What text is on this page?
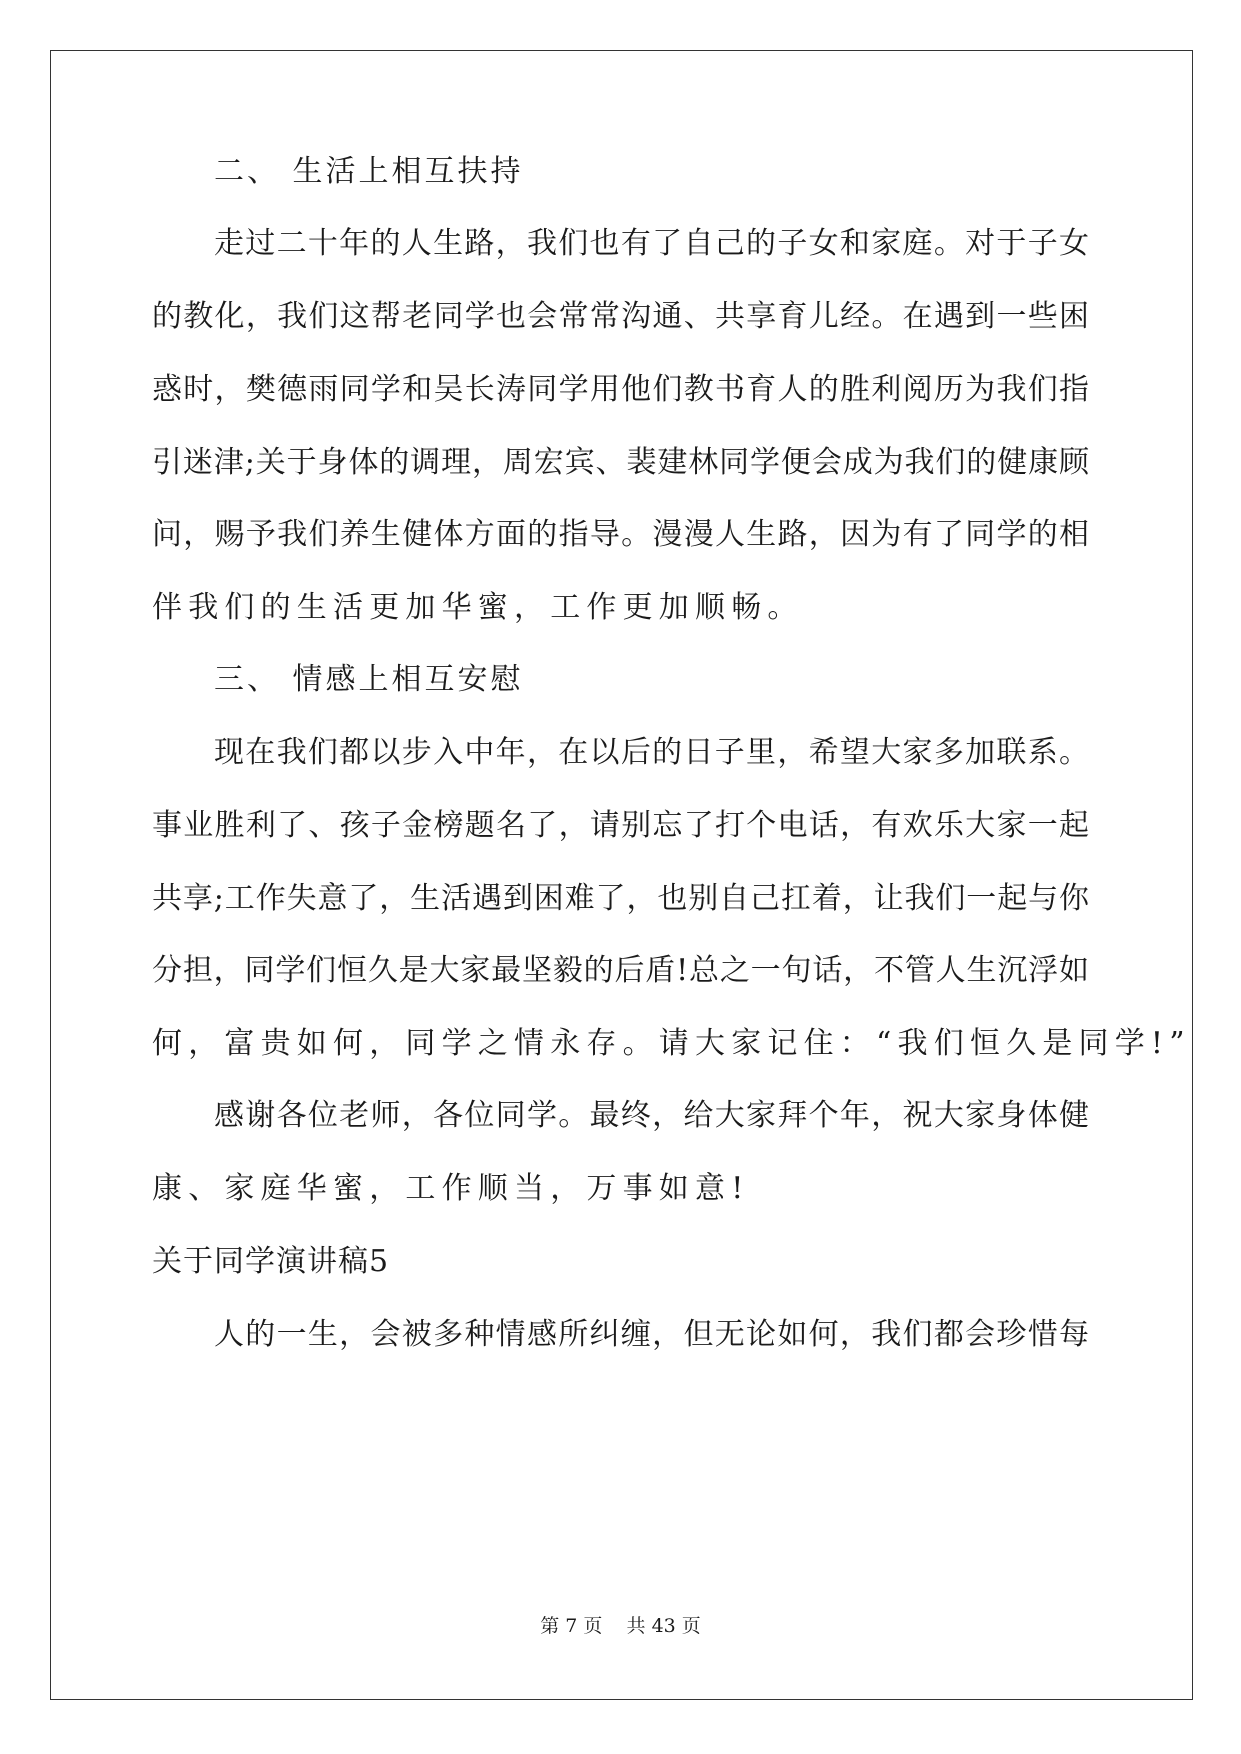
二、 生活上相互扶持
走过二十年的人生路，我们也有了自己的子女和家庭。对于子女
的教化，我们这帮老同学也会常常沟通、共享育儿经。在遇到一些困
惑时，樊德雨同学和吴长涛同学用他们教书育人的胜利阅历为我们指
引迷津;关于身体的调理，周宏宾、裴建林同学便会成为我们的健康顾
问，赐予我们养生健体方面的指导。漫漫人生路，因为有了同学的相
伴我们的生活更加华蜜，工作更加顺畅。
三、 情感上相互安慰
现在我们都以步入中年，在以后的日子里，希望大家多加联系。
事业胜利了、孩子金榜题名了，请别忘了打个电话，有欢乐大家一起
共享;工作失意了，生活遇到困难了，也别自己扛着，让我们一起与你
分担，同学们恒久是大家最坚毅的后盾!总之一句话，不管人生沉浮如
何，富贵如何，同学之情永存。请大家记住：“我们恒久是同学!”
感谢各位老师，各位同学。最终，给大家拜个年，祝大家身体健
康、家庭华蜜，工作顺当，万事如意!
关于同学演讲稿5
人的一生，会被多种情感所纠缠，但无论如何，我们都会珍惜每
第 7 页    共 43 页
